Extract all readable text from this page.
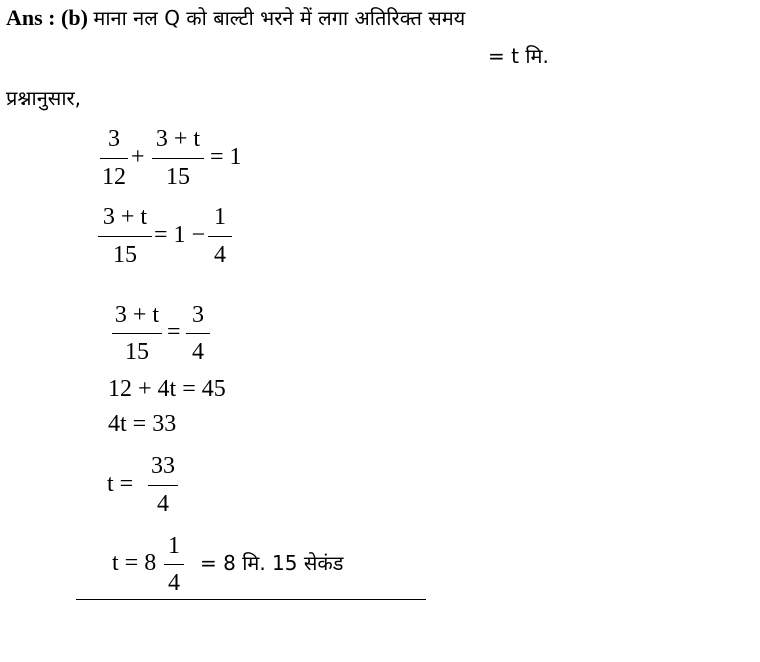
Ans : (b) माना नल Q को बाल्टी भरने में लगा अतिरिक्त समय
= t मि.
प्रश्नानुसार,
3
12
+
3 + t
15
= 1
3 + t
15
= 1 −
1
4
3 + t
15
=
3
4
12 + 4t = 45
4t = 33
t =
33
4
t = 8
1
4
= 8 मि. 15 सेकंड
